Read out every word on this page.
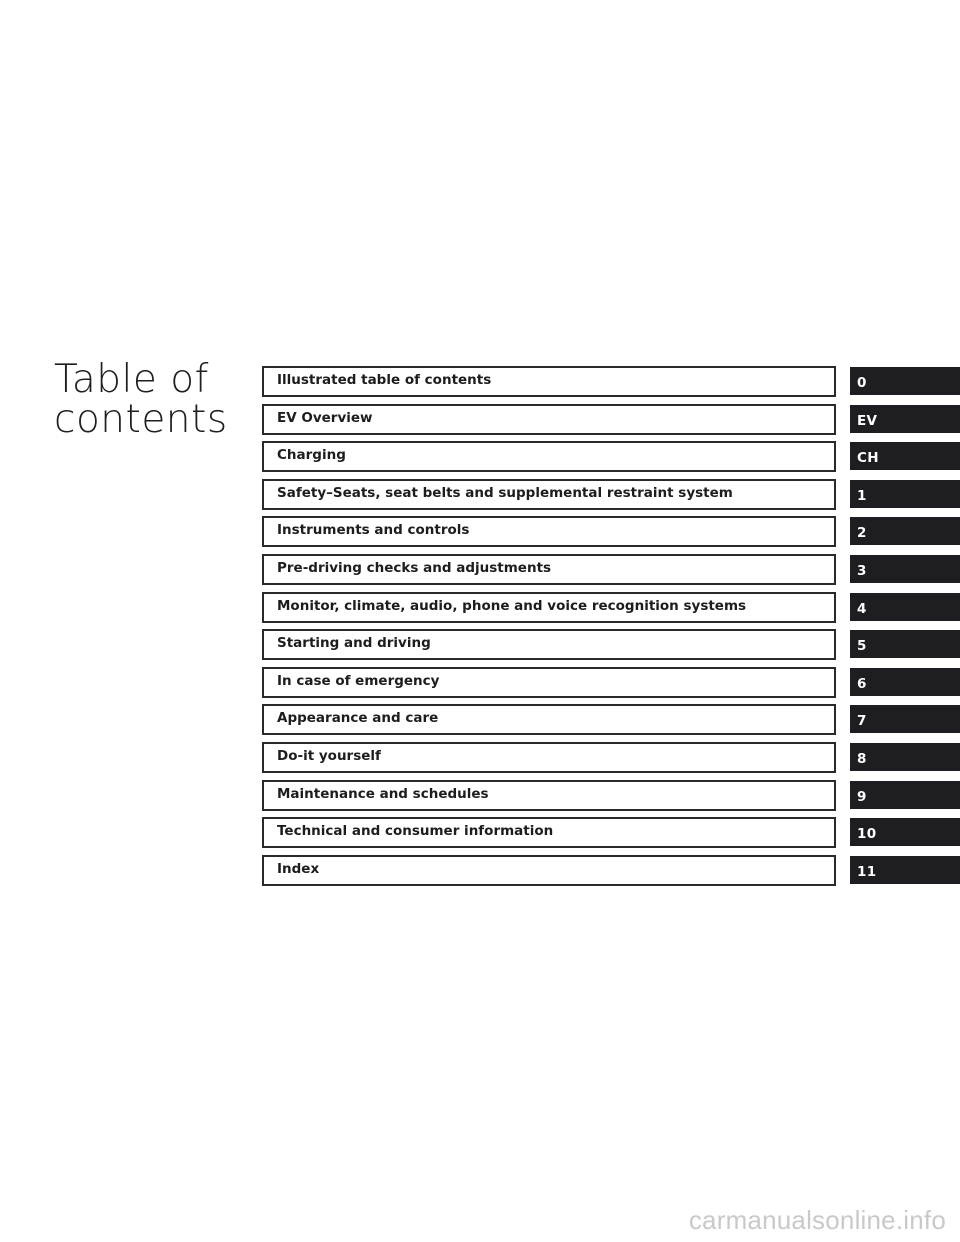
Table of
contents
Illustrated table of contents	0
EV Overview	EV
Charging	CH
Safety–Seats, seat belts and supplemental restraint system	1
Instruments and controls	2
Pre-driving checks and adjustments	3
Monitor, climate, audio, phone and voice recognition systems	4
Starting and driving	5
In case of emergency	6
Appearance and care	7
Do-it yourself	8
Maintenance and schedules	9
Technical and consumer information	10
Index	11
carmanualsonline.info
